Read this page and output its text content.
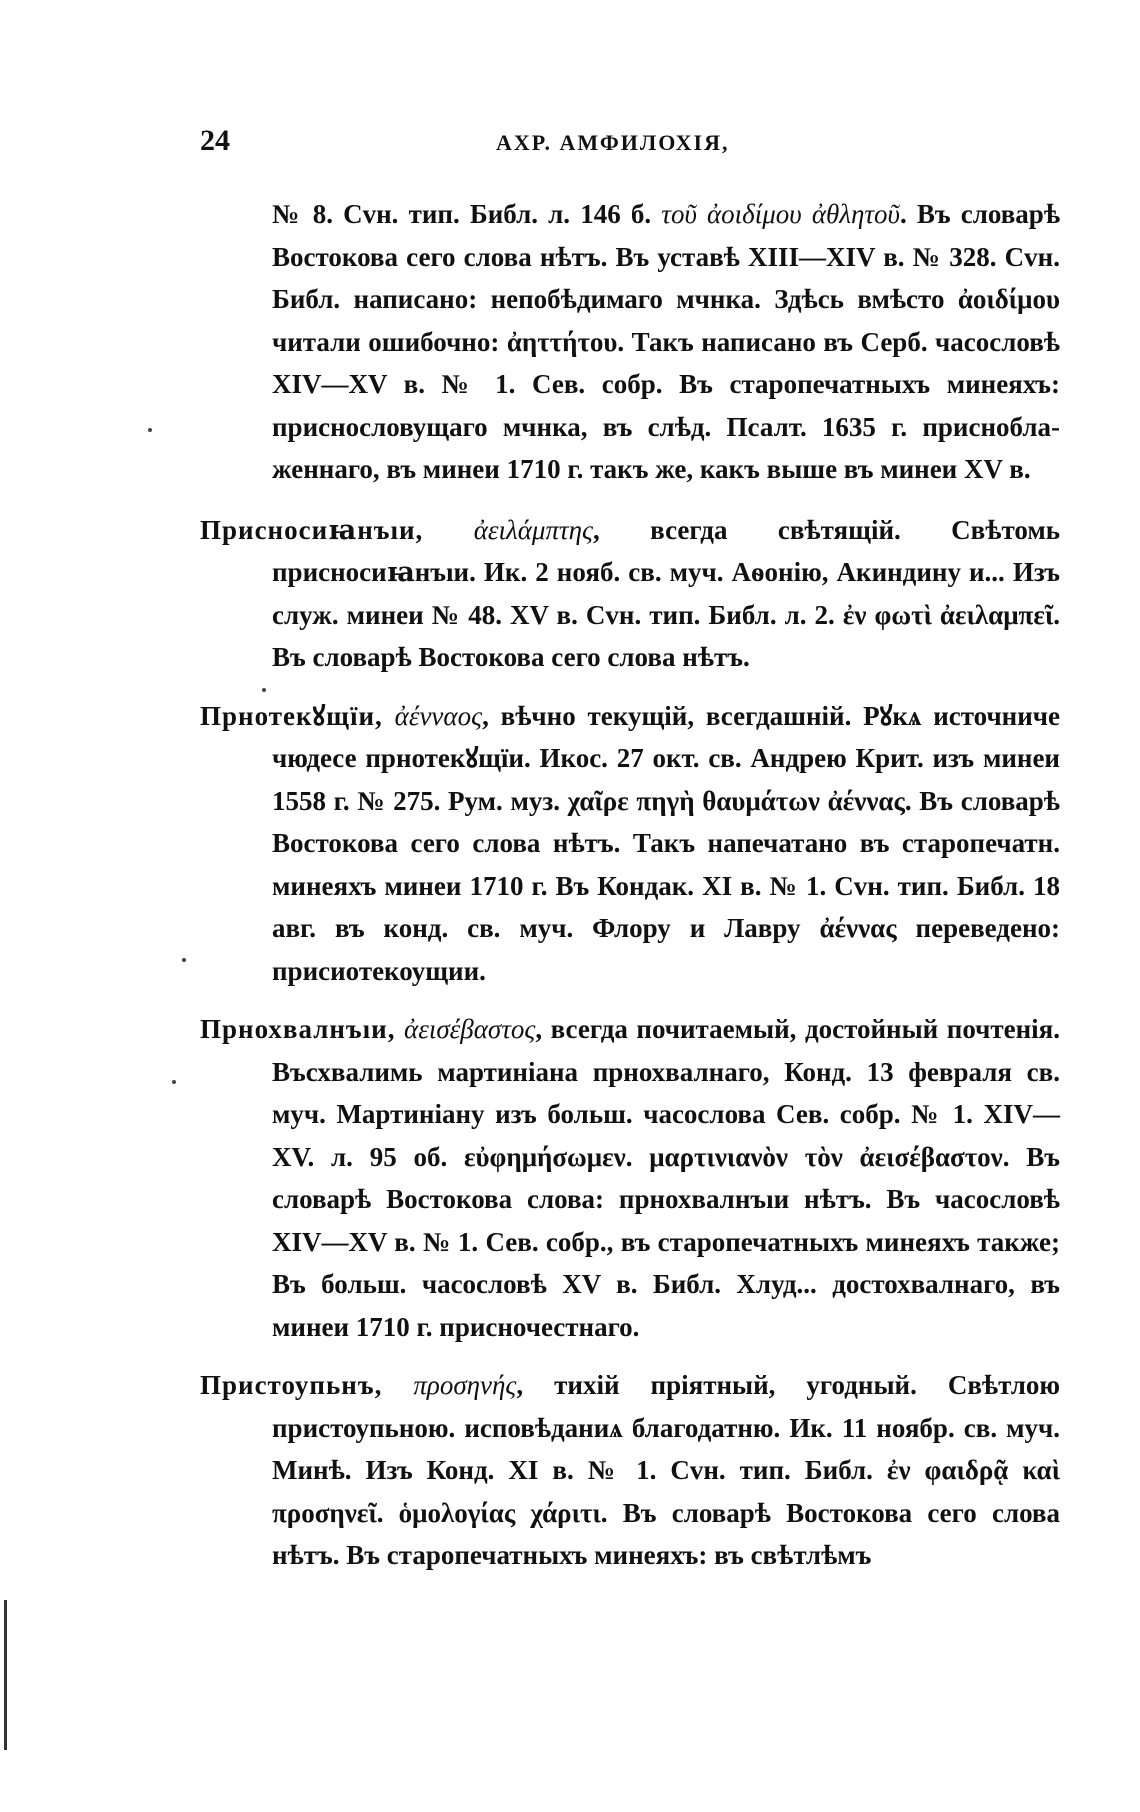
24	АХР. АМФИЛОХІЯ,

№ 8. Сvн. тип. Библ. л. 146 б. τοῦ ἀοιδίμου ἀθλητοῦ. Въ словарѣ Востокова сего слова нѣтъ. Въ уставѣ XIII—XIV в. № 328. Сvн. Библ. написано: непобѣдимаго мчнка. Здѣсь вмѣсто ἀοιδίμου читали ошибочно: ἀηττήτου. Такъ написано въ Серб. часословѣ XIV—XV в. № 1. Сев. собр. Въ старопечатныхъ минеяхъ: приснословущаго мчнка, въ слѣд. Псалт. 1635 г. присноблаженнаго, въ минеи 1710 г. такъ же, какъ выше въ минеи XV в.

Приснoсиꙗнъıи, ἀειλάμπτης, всегда свѣтящій. Свѣтомь приснoсиꙗнъıи. Ик. 2 нояб. св. муч. Аѳонію, Акиндину и... Изъ служ. минеи № 48. XV в. Сvн. тип. Библ. л. 2. ἐν φωτὶ ἀειλαμπεῖ. Въ словарѣ Востокова сего слова нѣтъ.

Прнотекꙋщїи, ἀένναος, вѣчно текущій, всегдашній. Рꙋкѧ источниче чюдесе прнотекꙋщїи. Икос. 27 окт. св. Андрею Крит. изъ минеи 1558 г. № 275. Рум. муз. χαῖρε πηγὴ θαυμάτων ἀέννας. Въ словарѣ Востокова сего слова нѣтъ. Такъ напечатано въ старопечатн. минеяхъ минеи 1710 г. Въ Кондак. XI в. № 1. Сvн. тип. Библ. 18 авг. въ конд. св. муч. Флору и Лавру ἀέννας переведено: присиотекоущии.

Прнохвалнъıи, ἀεισέβαστος, всегда почитаемый, достойный почтенія. Въсхвалимь мартиніана прнохвалнаго, Конд. 13 февраля св. муч. Мартиніану изъ больш. часослова Сев. собр. № 1. XIV—XV. л. 95 об. εὐφημήσωμεν. μαρτινιανὸν τὸν ἀεισέβαστον. Въ словарѣ Востокова слова: прнохвалнъıи нѣтъ. Въ часословѣ XIV—XV в. № 1. Сев. собр., въ старопечатныхъ минеяхъ также; Въ больш. часословѣ XV в. Библ. Хлуд... достохвалнаго, въ минеи 1710 г. присночестнаго.

Пристоупьнъ, προσηνής, тихій пріятный, угодный. Свѣтлою пристоупьною. исповѣданиѧ благодатню. Ик. 11 ноябр. св. муч. Минѣ. Изъ Конд. XI в. № 1. Сvн. тип. Библ. ἐν φαιδρᾷ καὶ προσηνεῖ. ὁμολογίας χάριτι. Въ словарѣ Востокова сего слова нѣтъ. Въ старопечатныхъ минеяхъ: въ свѣтлѣмъ
